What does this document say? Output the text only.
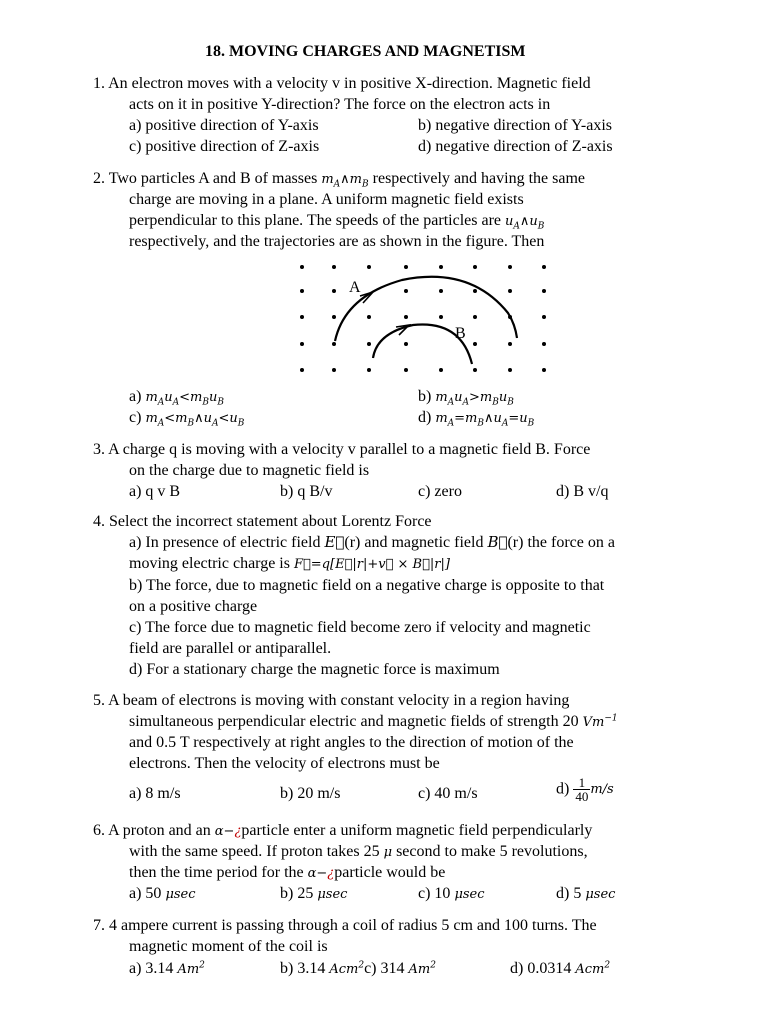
18. MOVING CHARGES AND MAGNETISM
1. An electron moves with a velocity v in positive X-direction. Magnetic field
acts on it in positive Y-direction? The force on the electron acts in
a) positive direction of Y-axis	b) negative direction of Y-axis
c) positive direction of Z-axis	d) negative direction of Z-axis
2. Two particles A and B of masses $m_A\wedge m_B$ respectively and having the same
charge are moving in a plane. A uniform magnetic field exists
perpendicular to this plane. The speeds of the particles are $u_A\wedge u_B$
respectively, and the trajectories are as shown in the figure. Then
A
B
a) $m_Au_A<m_Bu_B$	b) $m_Au_A>m_Bu_B$
c) $m_A<m_B\wedge u_A<u_B$	d) $m_A=m_B\wedge u_A=u_B$
3. A charge q is moving with a velocity v parallel to a magnetic field B. Force
on the charge due to magnetic field is
a) q v B	b) q B/v	c) zero	d) B v/q
4. Select the incorrect statement about Lorentz Force
a) In presence of electric field E⃗(r) and magnetic field B⃗(r) the force on a
moving electric charge is F⃗=q[E⃗|r|+v⃗ × B⃗|r|]
b) The force, due to magnetic field on a negative charge is opposite to that
on a positive charge
c) The force due to magnetic field become zero if velocity and magnetic
field are parallel or antiparallel.
d) For a stationary charge the magnetic force is maximum
5. A beam of electrons is moving with constant velocity in a region having
simultaneous perpendicular electric and magnetic fields of strength 20 $Vm^{-1}$
and 0.5 T respectively at right angles to the direction of motion of the
electrons. Then the velocity of electrons must be
a) 8 m/s	b) 20 m/s	c) 40 m/s	$d) \frac{1}{40} m/s$
6. A proton and an α−¿particle enter a uniform magnetic field perpendicularly
with the same speed. If proton takes 25 μ second to make 5 revolutions,
then the time period for the α−¿particle would be
a) 50 μsec	b) 25 μsec	c) 10 μsec	d) 5 μsec
7. 4 ampere current is passing through a coil of radius 5 cm and 100 turns. The
magnetic moment of the coil is
a) 3.14 Am$^2$	b) 3.14 Acm$^2$c) 314 Am$^2$	d) 0.0314 Acm$^2$
